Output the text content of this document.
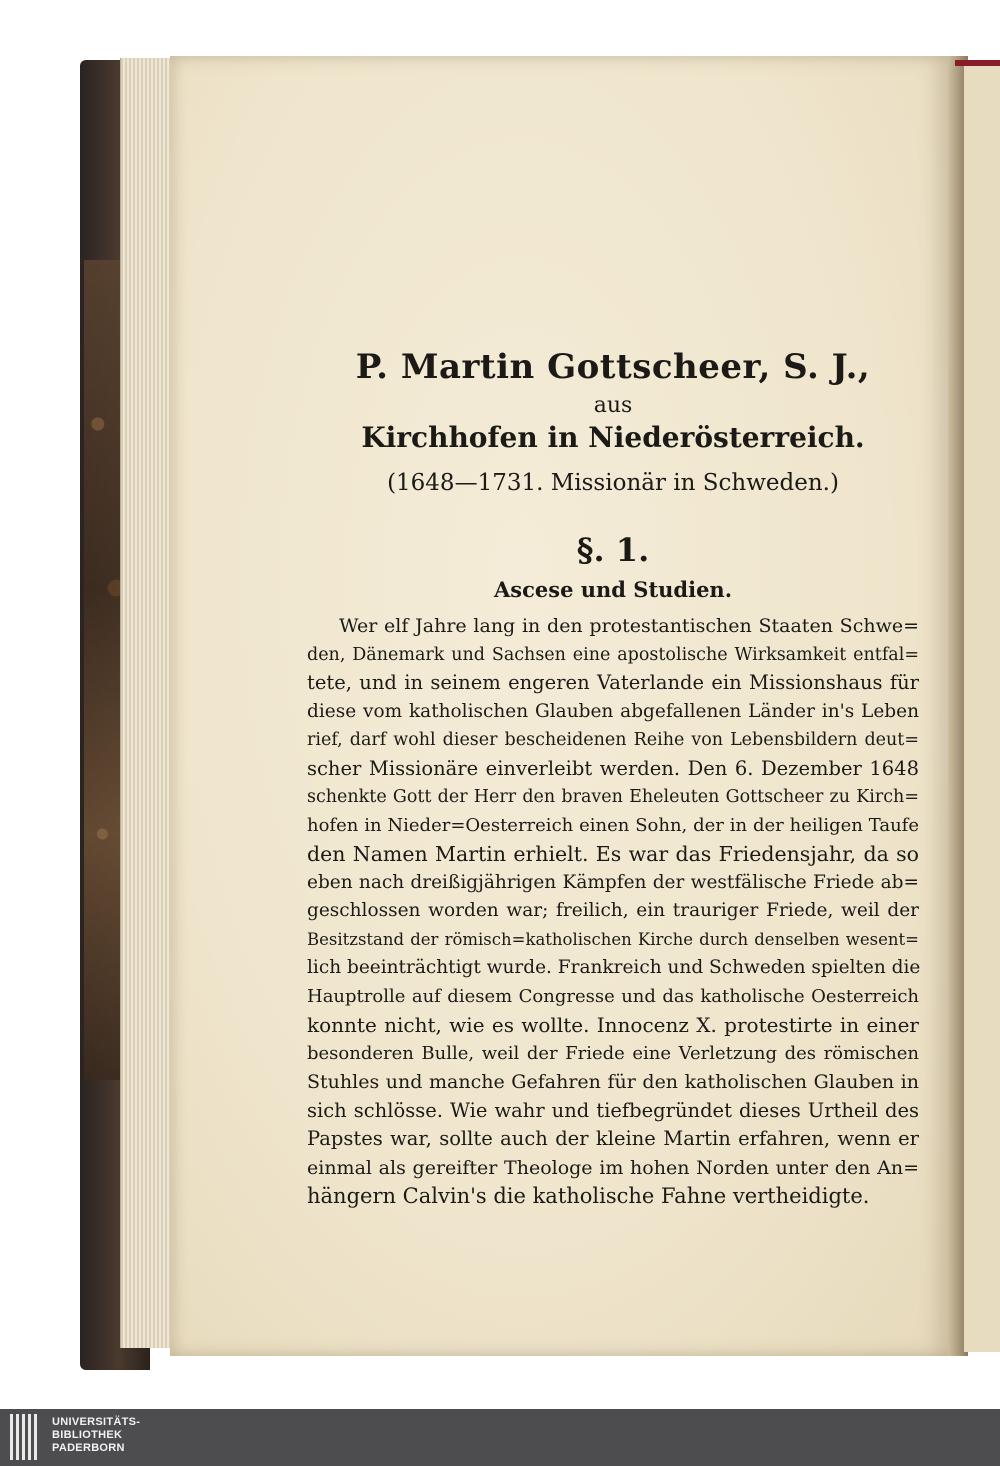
P. Martin Gottscheer, S. J.,
aus
Kirchhofen in Niederösterreich.
(1648—1731. Missionär in Schweden.)
§. 1.
Ascese und Studien.
Wer elf Jahre lang in den protestantischen Staaten Schwe=
den, Dänemark und Sachsen eine apostolische Wirksamkeit entfal=
tete, und in seinem engeren Vaterlande ein Missionshaus für
diese vom katholischen Glauben abgefallenen Länder in's Leben
rief, darf wohl dieser bescheidenen Reihe von Lebensbildern deut=
scher Missionäre einverleibt werden. Den 6. Dezember 1648
schenkte Gott der Herr den braven Eheleuten Gottscheer zu Kirch=
hofen in Nieder=Oesterreich einen Sohn, der in der heiligen Taufe
den Namen Martin erhielt. Es war das Friedensjahr, da so
eben nach dreißigjährigen Kämpfen der westfälische Friede ab=
geschlossen worden war; freilich, ein trauriger Friede, weil der
Besitzstand der römisch=katholischen Kirche durch denselben wesent=
lich beeinträchtigt wurde. Frankreich und Schweden spielten die
Hauptrolle auf diesem Congresse und das katholische Oesterreich
konnte nicht, wie es wollte. Innocenz X. protestirte in einer
besonderen Bulle, weil der Friede eine Verletzung des römischen
Stuhles und manche Gefahren für den katholischen Glauben in
sich schlösse. Wie wahr und tiefbegründet dieses Urtheil des
Papstes war, sollte auch der kleine Martin erfahren, wenn er
einmal als gereifter Theologe im hohen Norden unter den An=
hängern Calvin's die katholische Fahne vertheidigte.
UNIVERSITÄTS-
BIBLIOTHEK
PADERBORN
